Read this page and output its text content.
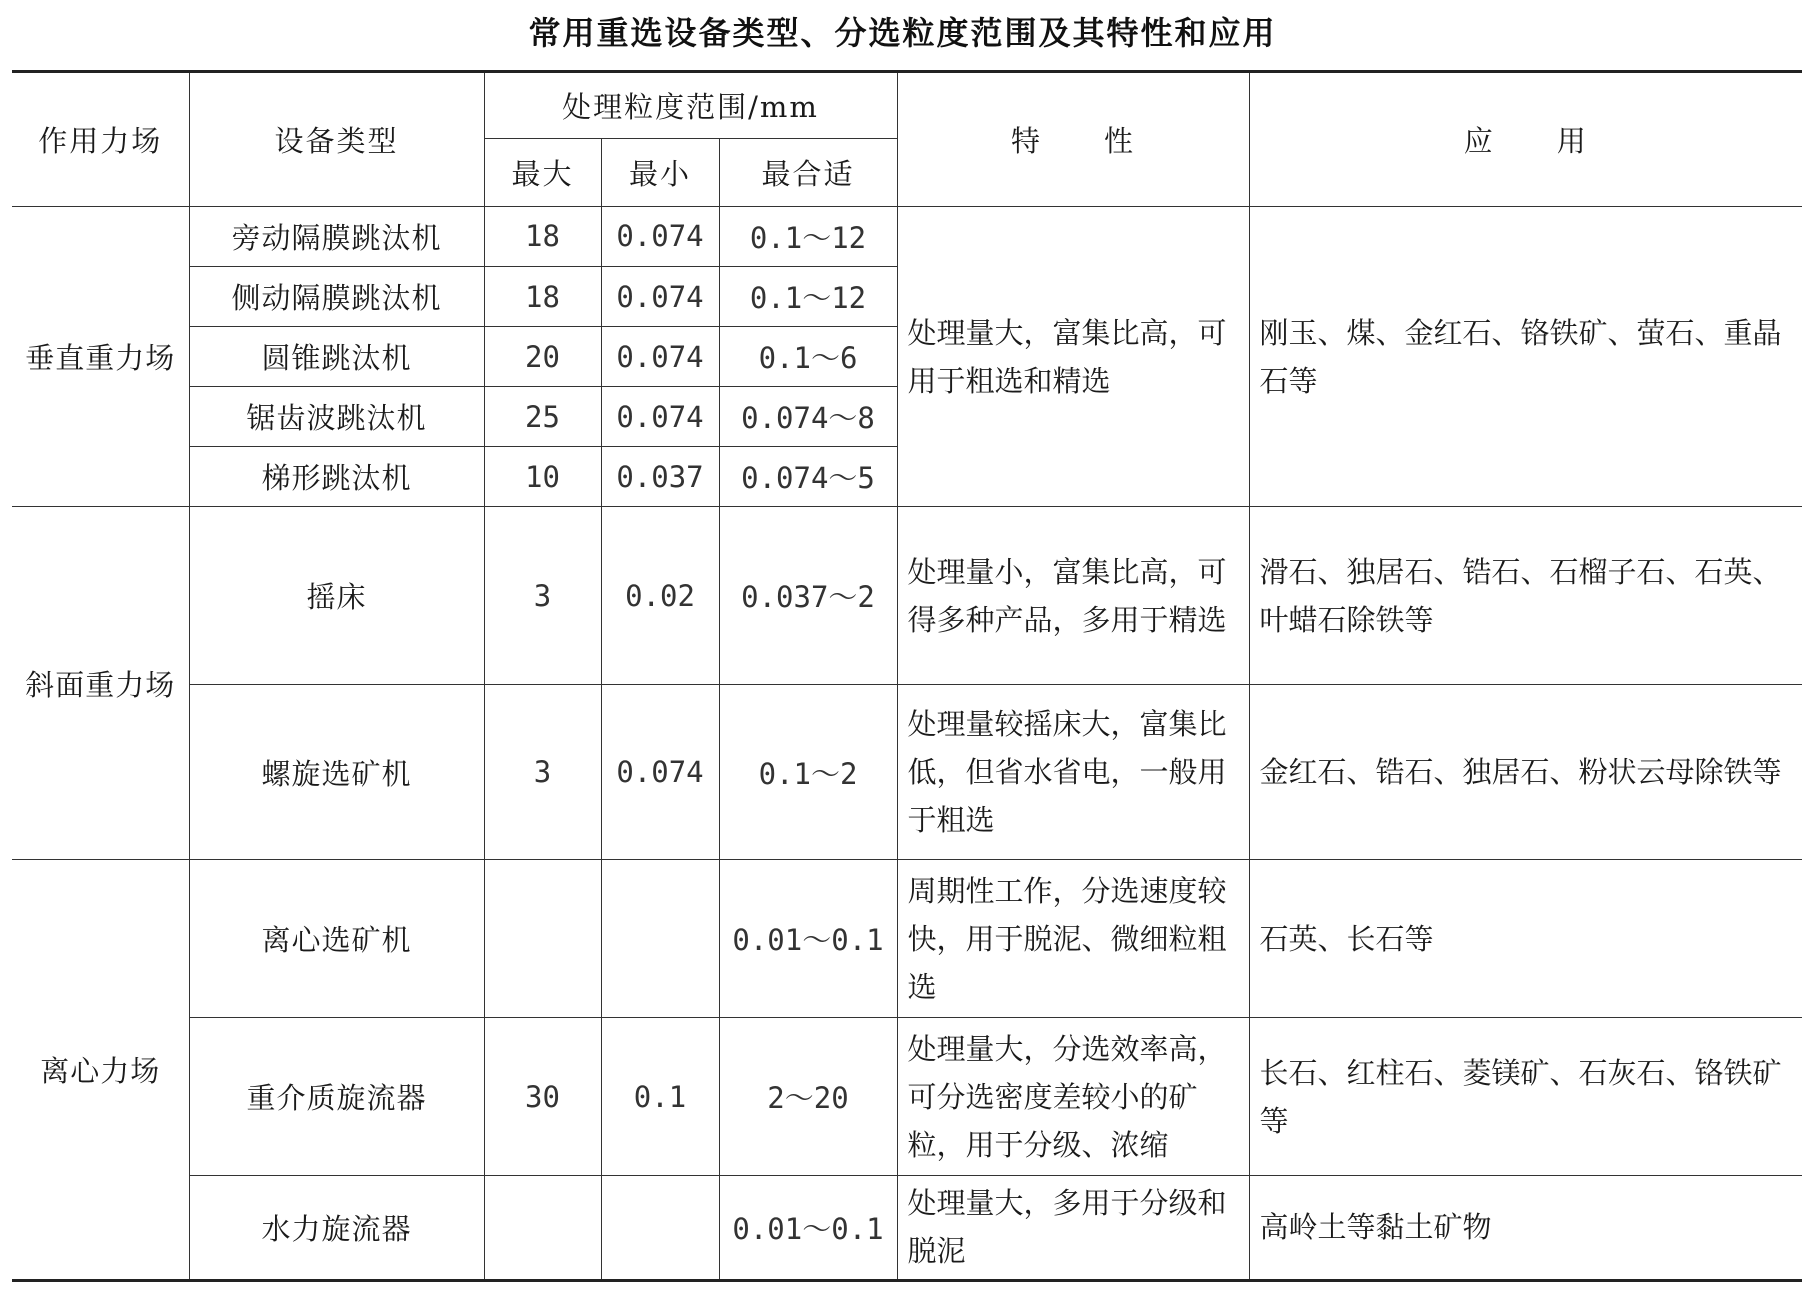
常用重选设备类型、分选粒度范围及其特性和应用
作用力场	设备类型	处理粒度范围/mm			特　　性	应　　用
		最大	最小	最合适		
垂直重力场	旁动隔膜跳汰机	18	0.074	0.1～12	处理量大，富集比高，可用于粗选和精选	刚玉、煤、金红石、铬铁矿、萤石、重晶石等
	侧动隔膜跳汰机	18	0.074	0.1～12		
	圆锥跳汰机	20	0.074	0.1～6		
	锯齿波跳汰机	25	0.074	0.074～8		
	梯形跳汰机	10	0.037	0.074～5		
斜面重力场	摇床	3	0.02	0.037～2	处理量小，富集比高，可得多种产品，多用于精选	滑石、独居石、锆石、石榴子石、石英、叶蜡石除铁等
	螺旋选矿机	3	0.074	0.1～2	处理量较摇床大，富集比低，但省水省电，一般用于粗选	金红石、锆石、独居石、粉状云母除铁等
离心力场	离心选矿机			0.01～0.1	周期性工作，分选速度较快，用于脱泥、微细粒粗选	石英、长石等
	重介质旋流器	30	0.1	2～20	处理量大，分选效率高，可分选密度差较小的矿粒，用于分级、浓缩	长石、红柱石、菱镁矿、石灰石、铬铁矿等
	水力旋流器			0.01～0.1	处理量大，多用于分级和脱泥	高岭土等黏土矿物
